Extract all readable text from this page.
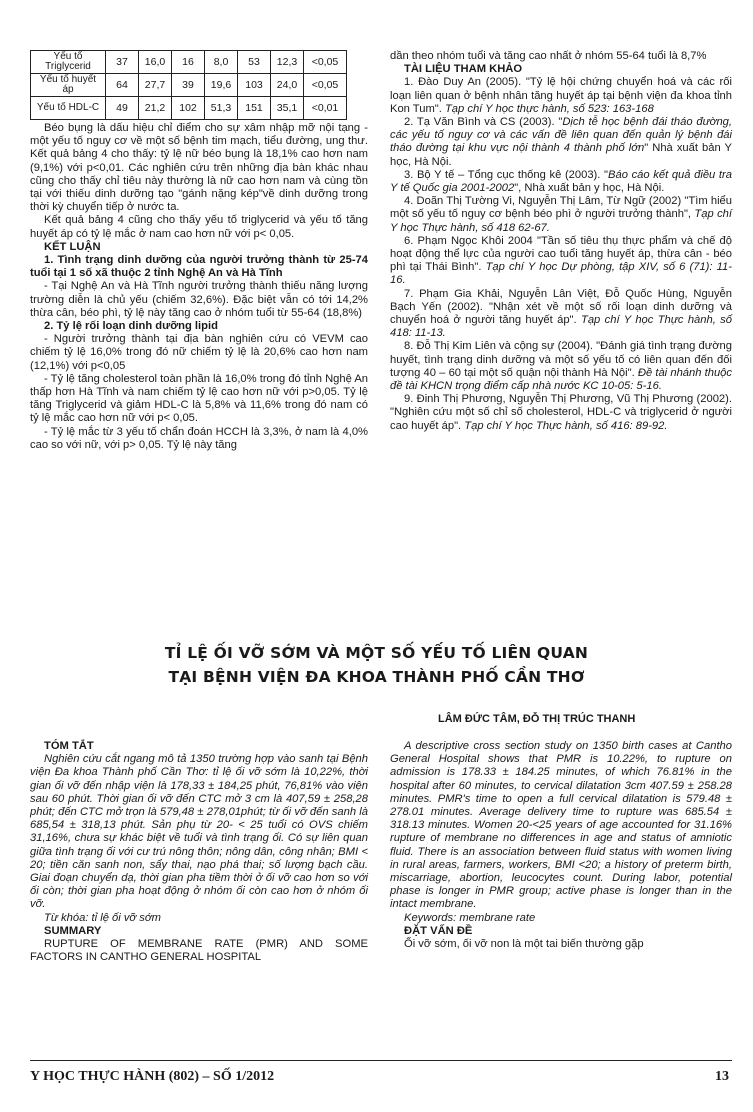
Yếu tố Triglycerid	37	16,0	16	8,0	53	12,3	<0,05
Yếu tố huyết áp	64	27,7	39	19,6	103	24,0	<0,05
Yếu tố HDL-C	49	21,2	102	51,3	151	35,1	<0,01

Béo bụng là dấu hiệu chỉ điểm cho sự xâm nhập mỡ nội tạng - một yếu tố nguy cơ về một số bệnh tim mạch, tiểu đường, ung thư. Kết quả bảng 4 cho thấy: tỷ lệ nữ béo bụng là 18,1% cao hơn nam (9,1%) với p<0,01. Các nghiên cứu trên những địa bàn khác nhau cũng cho thấy chỉ tiêu này thường là nữ cao hơn nam và cùng tồn tại với thiếu dinh dưỡng tạo "gánh nặng kép"về dinh dưỡng trong thời kỳ chuyển tiếp ở nước ta.

Kết quả bảng 4 cũng cho thấy yếu tố triglycerid và yếu tố tăng huyết áp có tỷ lệ mắc ở nam cao hơn nữ với p< 0,05.

KẾT LUẬN

1. Tình trạng dinh dưỡng của người trưởng thành từ 25-74 tuổi tại 1 số xã thuộc 2 tỉnh Nghệ An và Hà Tĩnh

- Tại Nghệ An và Hà Tĩnh người trưởng thành thiếu năng lượng trường diễn là chủ yếu (chiếm 32,6%). Đặc biệt vẫn có tới 14,2% thừa cân, béo phì, tỷ lệ này tăng cao ở nhóm tuổi từ 55-64 (18,8%)

2. Tỷ lệ rối loạn dinh dưỡng lipid

- Người trưởng thành tại địa bàn nghiên cứu có VEVM cao chiếm tỷ lệ 16,0% trong đó nữ chiếm tỷ lệ là 20,6% cao hơn nam (12,1%) với p<0,05

- Tỷ lệ tăng cholesterol toàn phần là 16,0% trong đó tỉnh Nghệ An thấp hơn Hà Tĩnh và nam chiếm tỷ lệ cao hơn nữ với p>0,05. Tỷ lệ tăng Triglycerid và giảm HDL-C là 5,8% và 11,6% trong đó nam có tỷ lệ mắc cao hơn nữ với p< 0,05.

- Tỷ lệ mắc từ 3 yếu tố chẩn đoán HCCH là 3,3%, ở nam là 4,0% cao so với nữ, với p> 0,05. Tỷ lệ này tăng

dần theo nhóm tuổi và tăng cao nhất ở nhóm 55-64 tuổi là 8,7%

TÀI LIỆU THAM KHẢO

1. Đào Duy An (2005). "Tỷ lệ hội chứng chuyển hoá và các rối loạn liên quan ở bệnh nhân tăng huyết áp tại bệnh viện đa khoa tỉnh Kon Tum". Tạp chí Y học thực hành, số 523: 163-168

2. Tạ Văn Bình và CS (2003). "Dịch tễ học bệnh đái tháo đường, các yếu tố nguy cơ và các vấn đề liên quan đến quản lý bệnh đái tháo đường tại khu vực nội thành 4 thành phố lớn" Nhà xuất bản Y học, Hà Nội.

3. Bộ Y tế – Tổng cục thống kê (2003). "Báo cáo kết quả điều tra Y tế Quốc gia 2001-2002", Nhà xuất bản y học, Hà Nội.

4. Doãn Thị Tường Vi, Nguyễn Thị Lâm, Từ Ngữ (2002) "Tìm hiểu một số yếu tố nguy cơ bệnh béo phì ở người trưởng thành", Tạp chí Y học Thực hành, số 418 62-67.

6. Phạm Ngọc Khôi 2004 "Tần số tiêu thụ thực phẩm và chế độ hoạt động thể lực của người cao tuổi tăng huyết áp, thừa cân - béo phì tại Thái Bình". Tạp chí Y học Dự phòng, tập XIV, số 6 (71): 11-16.

7. Phạm Gia Khải, Nguyễn Lân Việt, Đỗ Quốc Hùng, Nguyễn Bạch Yến (2002). "Nhận xét về một số rối loạn dinh dưỡng và chuyển hoá ở người tăng huyết áp". Tạp chí Y học Thực hành, số 418: 11-13.

8. Đỗ Thị Kim Liên và cộng sự (2004). "Đánh giá tình trạng đường huyết, tình trạng dinh dưỡng và một số yếu tố có liên quan đến đối tượng 40 – 60 tại một số quận nội thành Hà Nội". Đề tài nhánh thuộc đề tài KHCN trọng điểm cấp nhà nước KC 10-05: 5-16.

9. Đinh Thị Phương, Nguyễn Thị Phương, Vũ Thị Phương (2002). "Nghiên cứu một số chỉ số cholesterol, HDL-C và triglycerid ở người cao huyết áp". Tạp chí Y học Thực hành, số 416: 89-92.

TỈ LỆ ỐI VỠ SỚM VÀ MỘT SỐ YẾU TỐ LIÊN QUAN
TẠI BỆNH VIỆN ĐA KHOA THÀNH PHỐ CẦN THƠ
LÂM ĐỨC TÂM, ĐỖ THỊ TRÚC THANH

TÓM TẮT

Nghiên cứu cắt ngang mô tả 1350 trường hợp vào sanh tại Bệnh viện Đa khoa Thành phố Cần Thơ: tỉ lệ ối vỡ sớm là 10,22%, thời gian ối vỡ đến nhập viện là 178,33 ± 184,25 phút, 76,81% vào viện sau 60 phút. Thời gian ối vỡ đến CTC mở 3 cm là 407,59 ± 258,28 phút; đến CTC mở trọn là 579,48 ± 278,01phút; từ ối vỡ đến sanh là 685,54 ± 318,13 phút. Sản phụ từ 20- < 25 tuổi có OVS chiếm 31,16%, chưa sự khác biệt về tuổi và tình trạng ối. Có sự liên quan giữa tình trạng ối với cư trú nông thôn; nông dân, công nhân; BMI < 20; tiền căn sanh non, sẩy thai, nạo phá thai; số lượng bạch cầu. Giai đoạn chuyển dạ, thời gian pha tiềm thời ở ối vỡ cao hơn so với ối còn; thời gian pha hoạt động ở nhóm ối còn cao hơn ở nhóm ối vỡ.

Từ khóa: tỉ lệ ối vỡ sớm

SUMMARY

RUPTURE OF MEMBRANE RATE (PMR) AND SOME FACTORS IN CANTHO GENERAL HOSPITAL

A descriptive cross section study on 1350 birth cases at Cantho General Hospital shows that PMR is 10.22%, to rupture on admission is 178.33 ± 184.25 minutes, of which 76.81% in the hospital after 60 minutes, to cervical dilatation 3cm 407.59 ± 258.28 minutes. PMR's time to open a full cervical dilatation is 579.48 ± 278.01 minutes. Average delivery time to rupture was 685.54 ± 318.13 minutes. Women 20-<25 years of age accounted for 31.16% rupture of membrane no differences in age and status of amniotic fluid. There is an association between fluid status with women living in rural areas, farmers, workers, BMI <20; a history of preterm birth, miscarriage, abortion, leucocytes count. During labor, potential phase is longer in PMR group; active phase is longer than in the intact membrane.

Keywords: membrane rate

ĐẶT VẤN ĐỀ

Ối vỡ sớm, ối vỡ non là một tai biến thường gặp

Y HỌC THỰC HÀNH (802) – SỐ 1/2012	13
